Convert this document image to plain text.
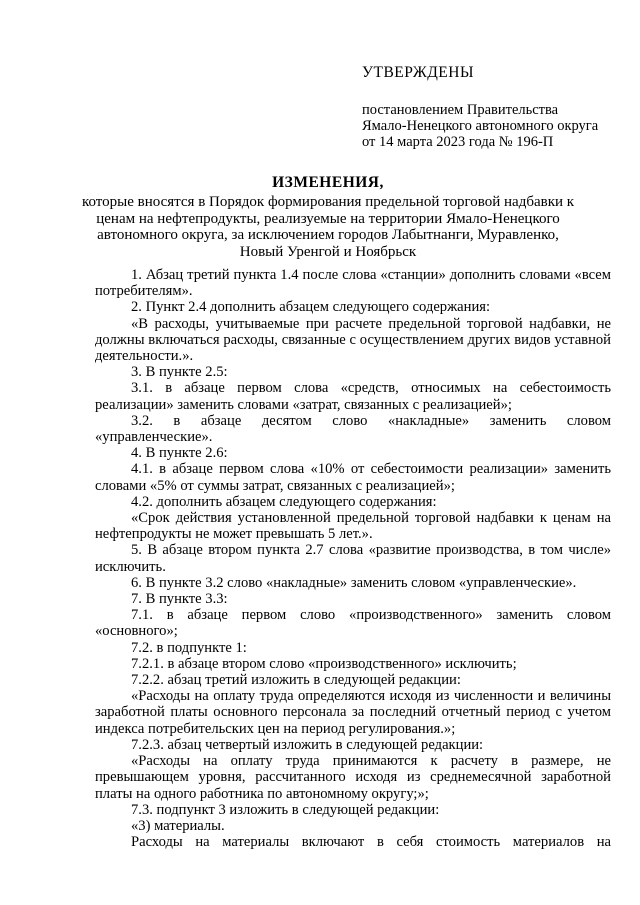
УТВЕРЖДЕНЫ

постановлением Правительства

Ямало-Ненецкого автономного округа

от 14 марта 2023 года № 196-П

ИЗМЕНЕНИЯ,

которые вносятся в Порядок формирования предельной торговой надбавки к

ценам на нефтепродукты, реализуемые на территории Ямало-Ненецкого

автономного округа, за исключением городов Лабытнанги, Муравленко,

Новый Уренгой и Ноябрьск

1. Абзац третий пункта 1.4 после слова «станции» дополнить словами «всем потребителям».

2. Пункт 2.4 дополнить абзацем следующего содержания:

«В расходы, учитываемые при расчете предельной торговой надбавки, не должны включаться расходы, связанные с осуществлением других видов уставной деятельности.».

3. В пункте 2.5:

3.1. в абзаце первом слова «средств, относимых на себестоимость реализации» заменить словами «затрат, связанных с реализацией»;

3.2. в абзаце десятом слово «накладные» заменить словом «управленческие».

4. В пункте 2.6:

4.1. в абзаце первом слова «10% от себестоимости реализации» заменить словами «5% от суммы затрат, связанных с реализацией»;

4.2. дополнить абзацем следующего содержания:

«Срок действия установленной предельной торговой надбавки к ценам на нефтепродукты не может превышать 5 лет.».

5. В абзаце втором пункта 2.7 слова «развитие производства, в том числе» исключить.

6. В пункте 3.2 слово «накладные» заменить словом «управленческие».

7. В пункте 3.3:

7.1. в абзаце первом слово «производственного» заменить словом «основного»;

7.2. в подпункте 1:

7.2.1. в абзаце втором слово «производственного» исключить;

7.2.2. абзац третий изложить в следующей редакции:

«Расходы на оплату труда определяются исходя из численности и величины заработной платы основного персонала за последний отчетный период с учетом индекса потребительских цен на период регулирования.»;

7.2.3. абзац четвертый изложить в следующей редакции:

«Расходы на оплату труда принимаются к расчету в размере, не превышающем уровня, рассчитанного исходя из среднемесячной заработной платы на одного работника по автономному округу;»;

7.3. подпункт 3 изложить в следующей редакции:

«3) материалы.

Расходы на материалы включают в себя стоимость материалов на
